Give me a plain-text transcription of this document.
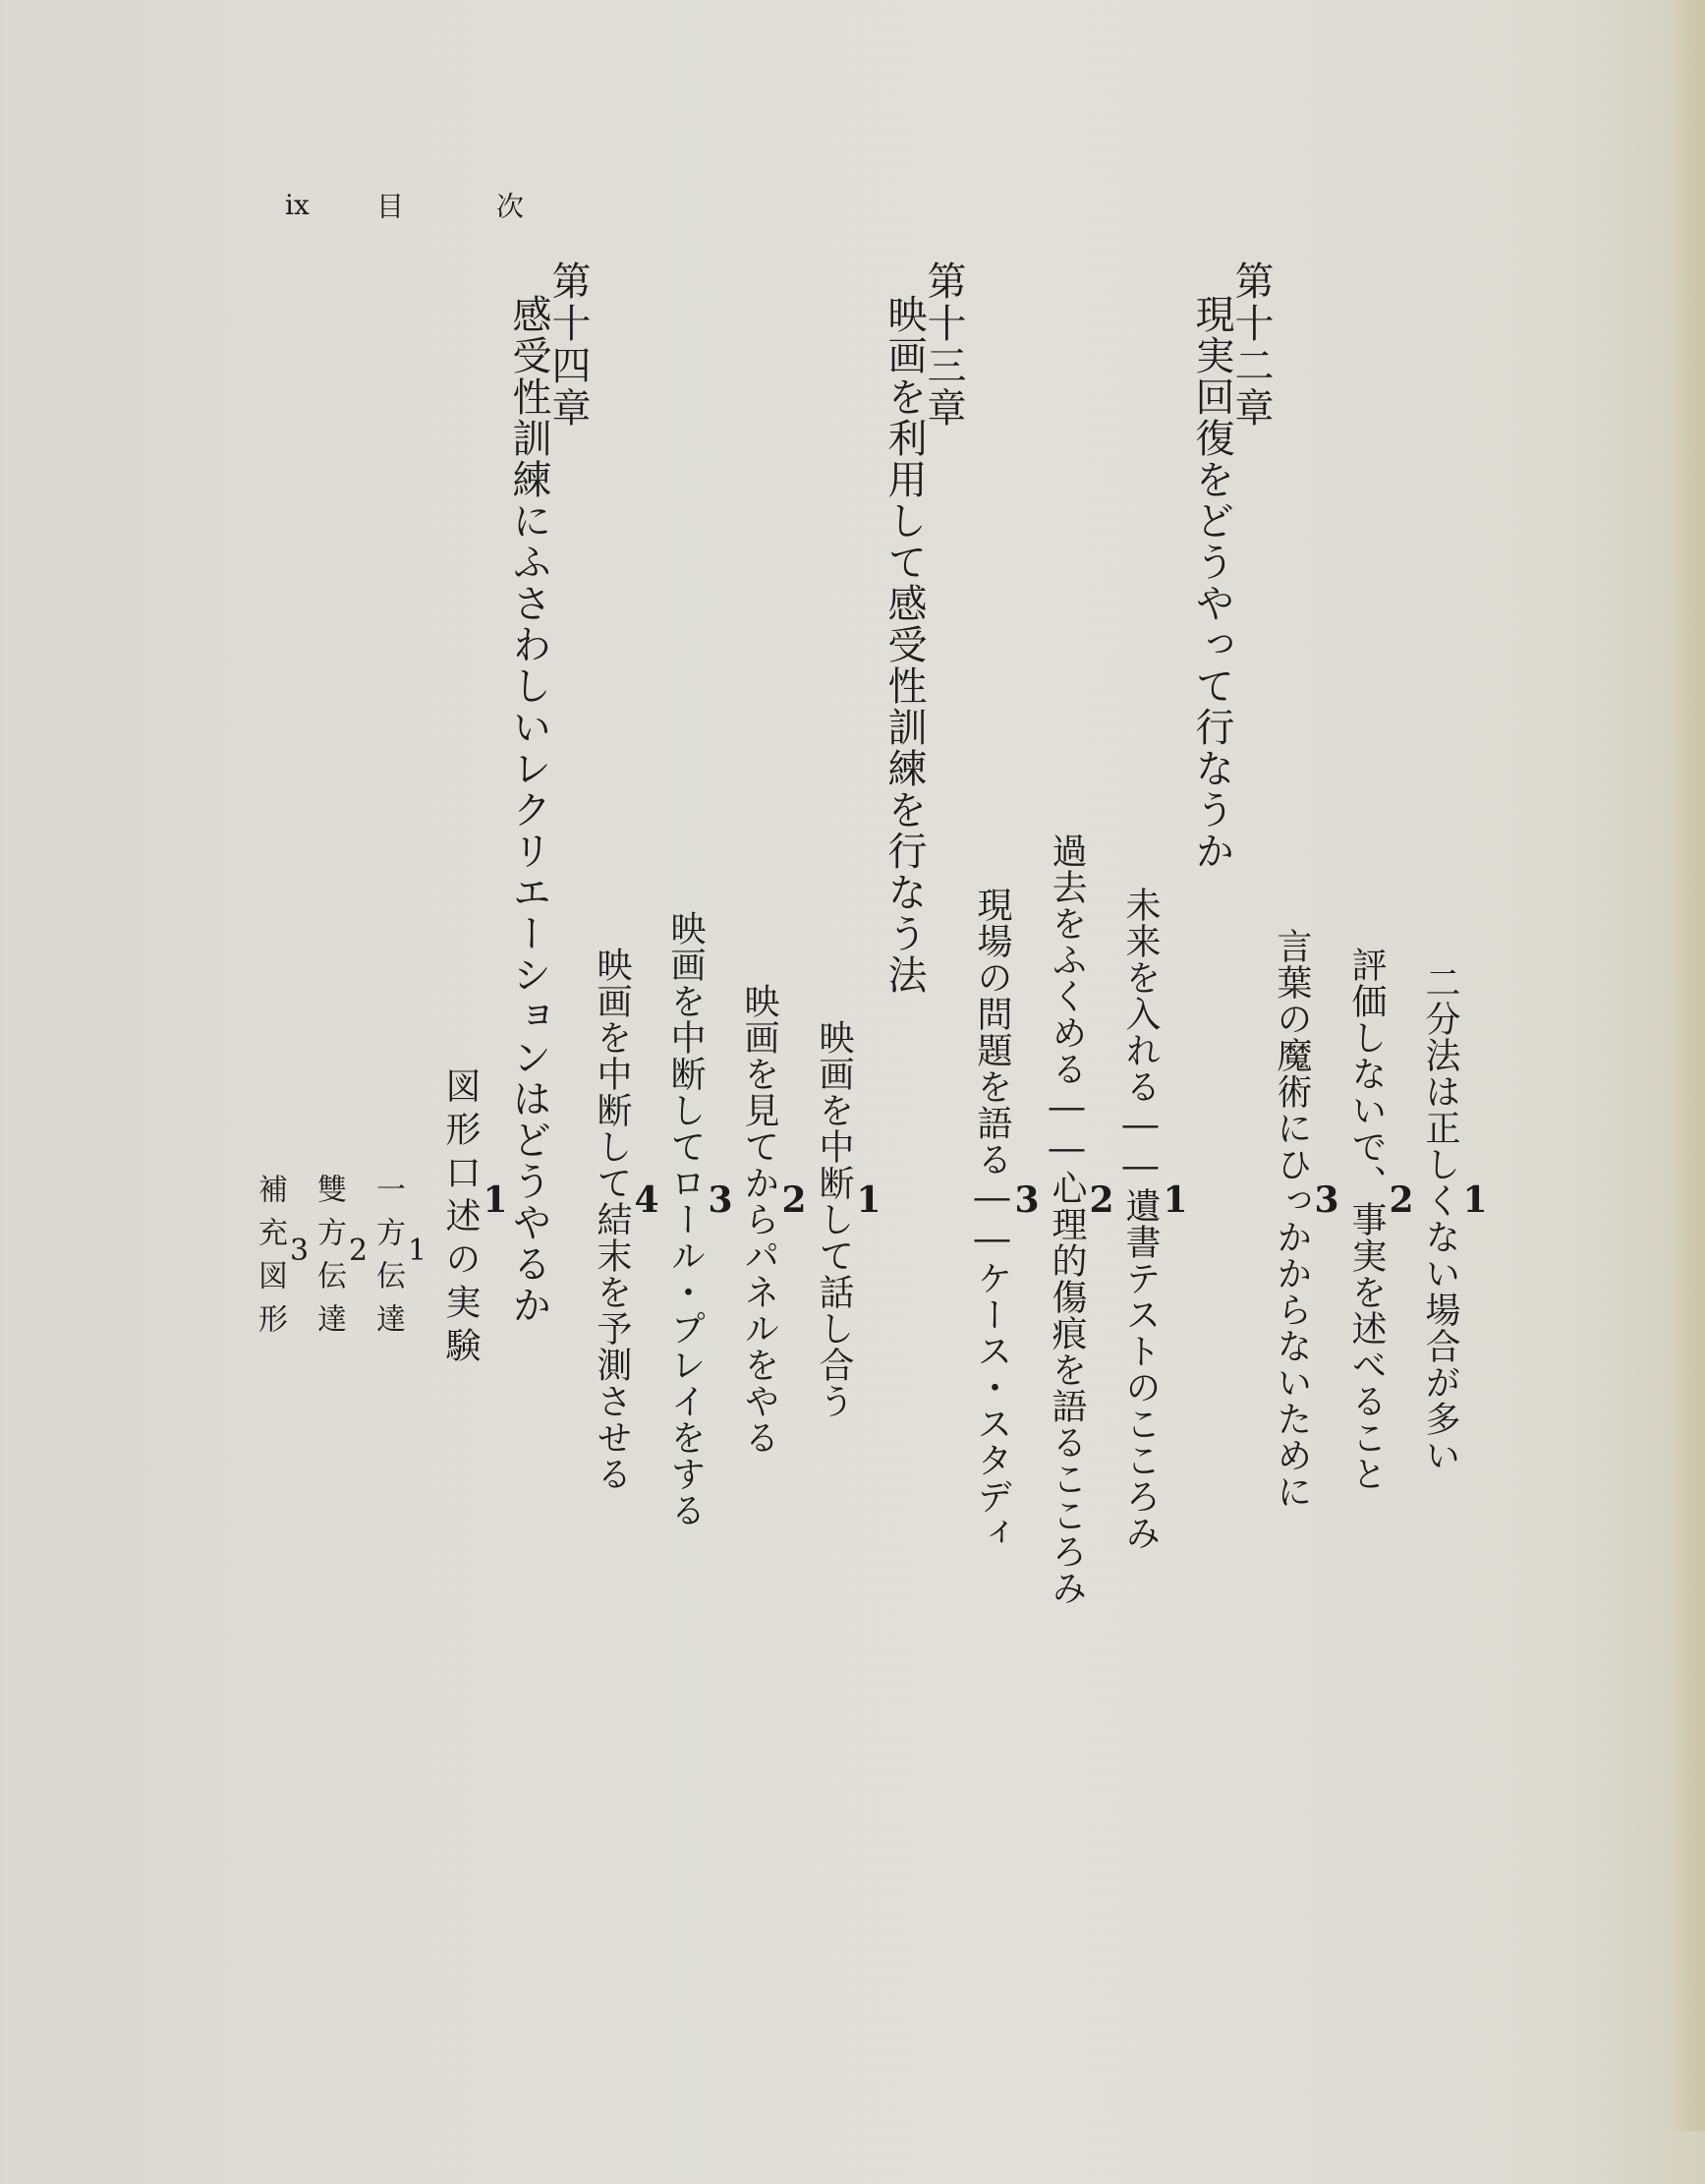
ix 目	次
1
二分法は正しくない場合が多い
2
評価しないで、事実を述べること
3
言葉の魔術にひっかからないために
第十二章
現実回復をどうやって行なうか
1
未来を入れる――遺書テストのこころみ
2
過去をふくめる――心理的傷痕を語るこころみ
3
現場の問題を語る――ケース・スタディ
第十三章
映画を利用して感受性訓練を行なう法
1
映画を中断して話し合う
2
映画を見てからパネルをやる
3
映画を中断してロール・プレイをする
4
映画を中断して結末を予測させる
第十四章
感受性訓練にふさわしいレクリエーションはどうやるか
1
図形口述の実験
1
一方伝達
2
雙方伝達
3
補充図形
